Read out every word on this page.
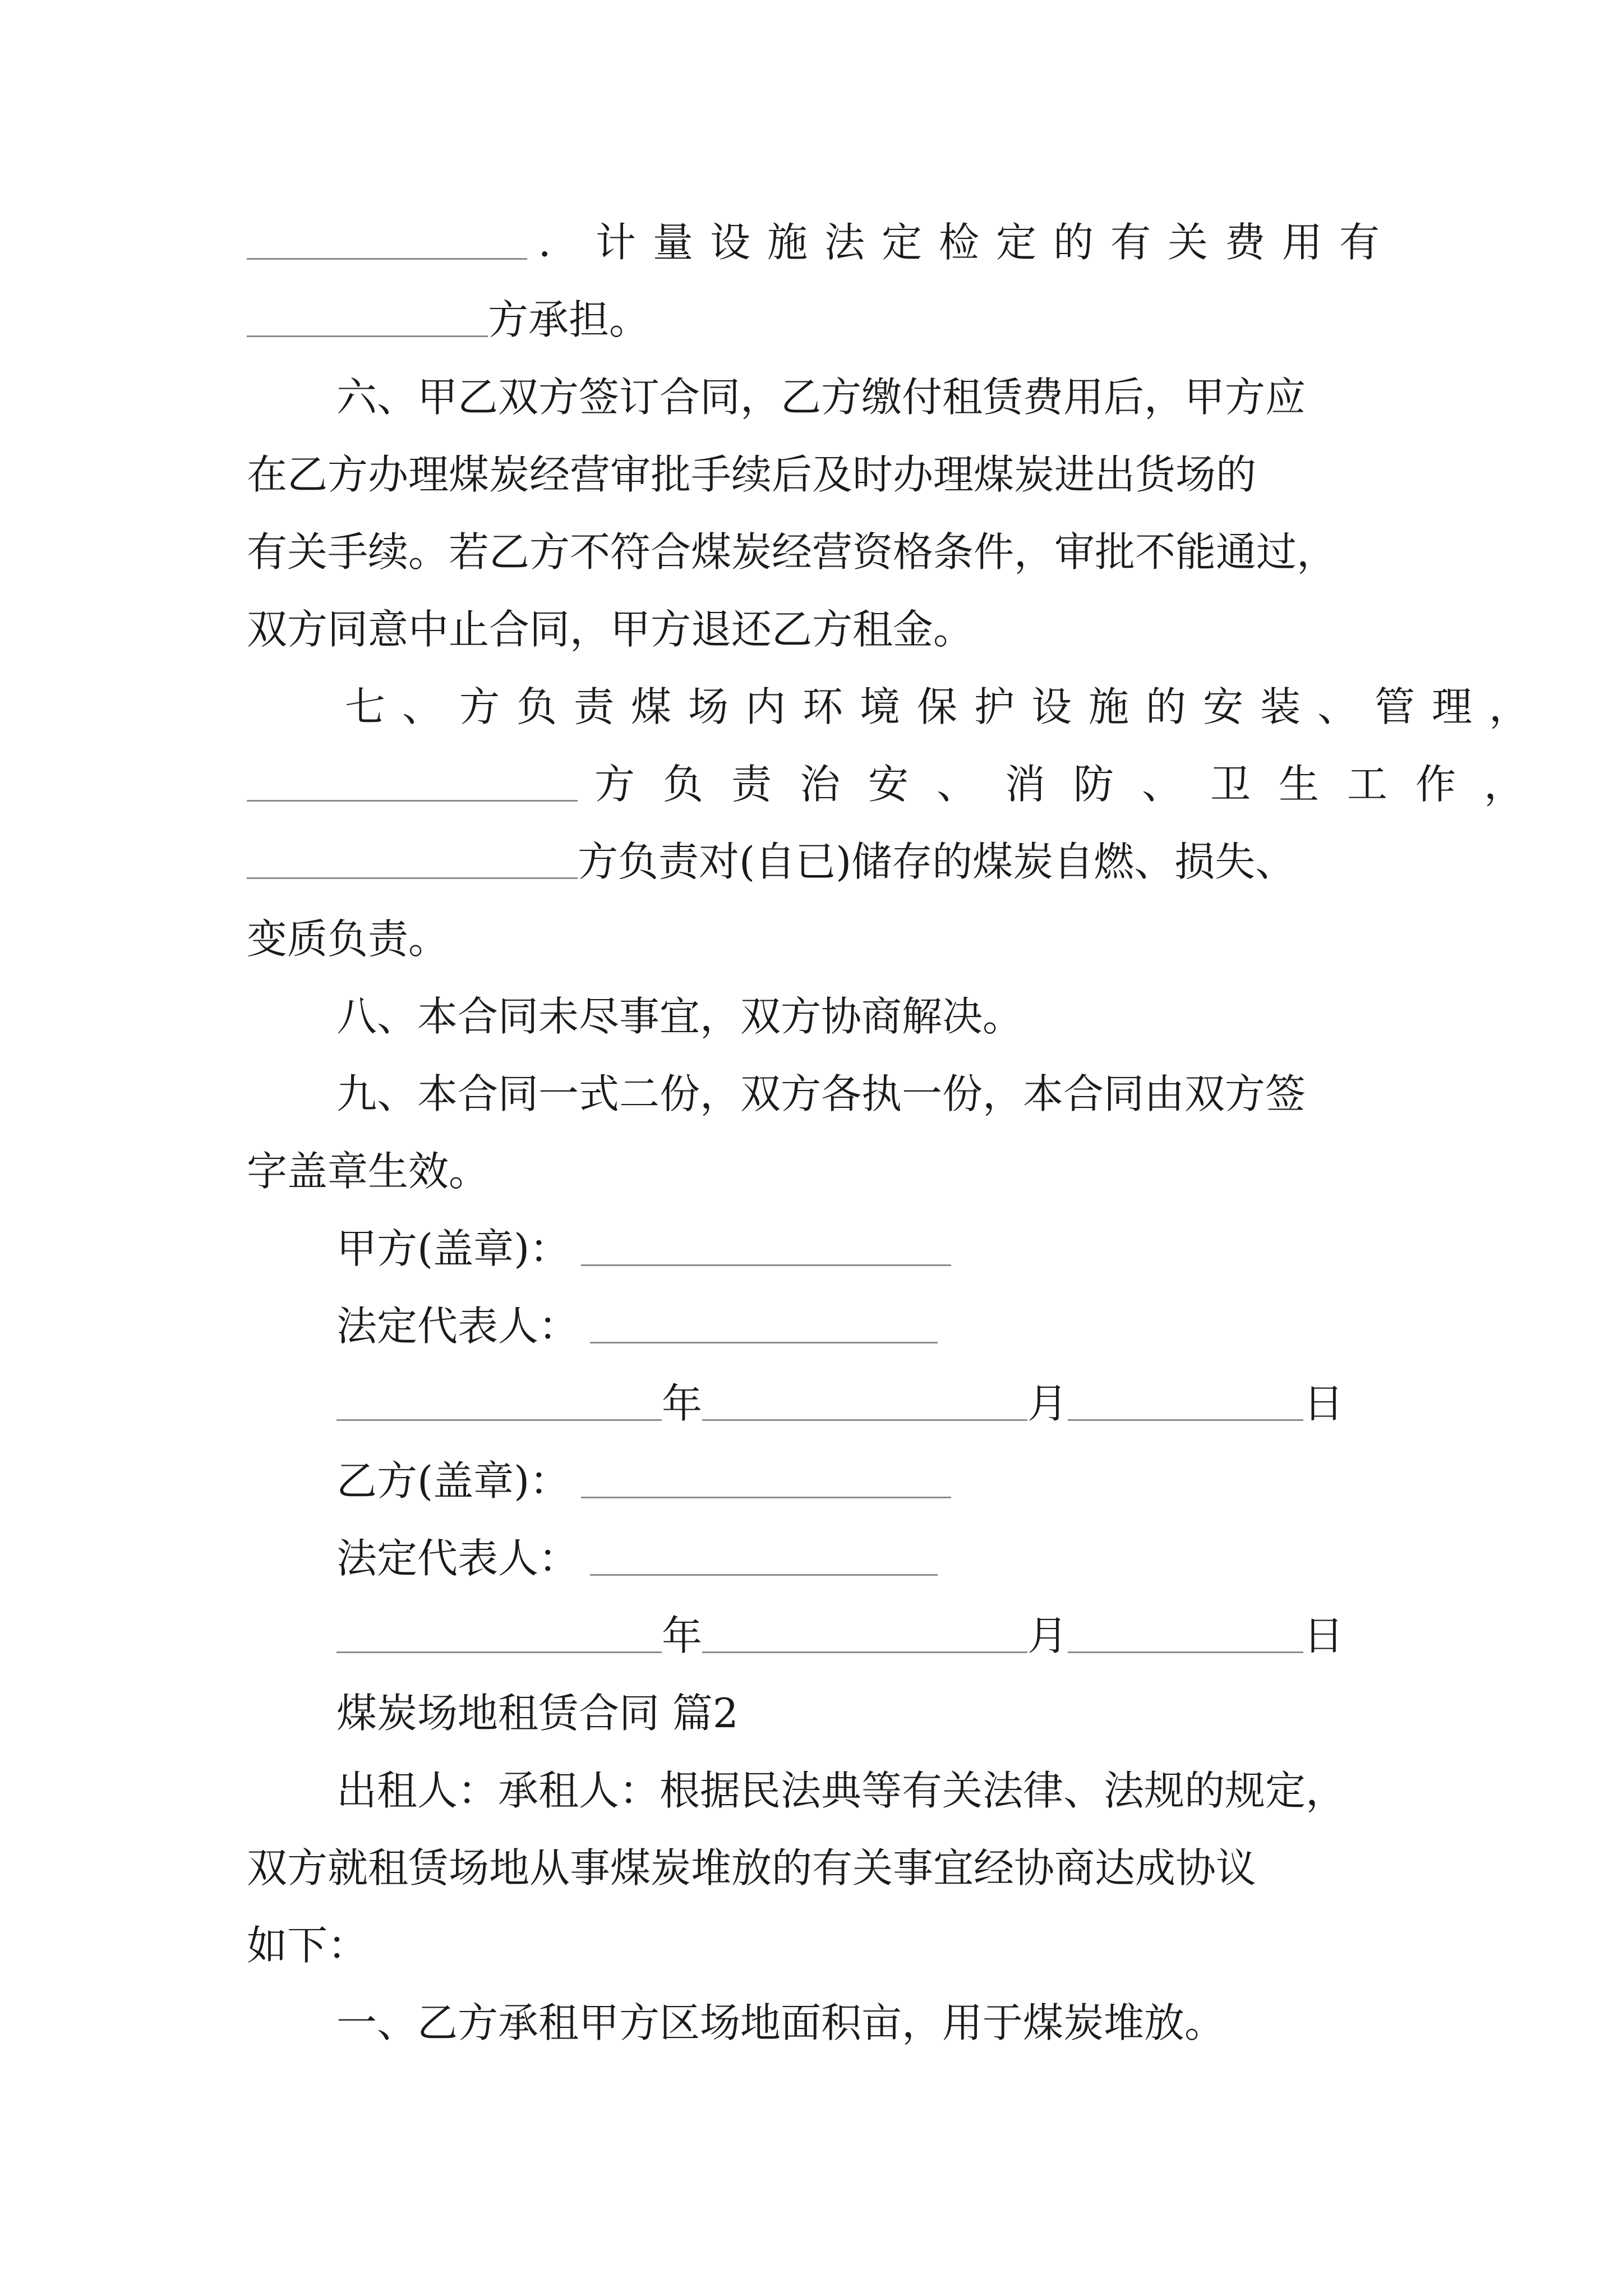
．计量设施法定检定的有关费用有
方承担。
六、甲乙双方签订合同，乙方缴付租赁费用后，甲方应
在乙方办理煤炭经营审批手续后及时办理煤炭进出货场的
有关手续。若乙方不符合煤炭经营资格条件，审批不能通过，
双方同意中止合同，甲方退还乙方租金。
七、方负责煤场内环境保护设施的安装、管理，
方负责治安、消防、卫生工作，
方负责对(自已)储存的煤炭自燃、损失、
变质负责。
八、本合同未尽事宜，双方协商解决。
九、本合同一式二份，双方各执一份，本合同由双方签
字盖章生效。
甲方(盖章)：
法定代表人：
年	月	日
乙方(盖章)：
法定代表人：
年	月	日
煤炭场地租赁合同 篇2
出租人：承租人：根据民法典等有关法律、法规的规定，
双方就租赁场地从事煤炭堆放的有关事宜经协商达成协议
如下：
一、乙方承租甲方区场地面积亩，用于煤炭堆放。
